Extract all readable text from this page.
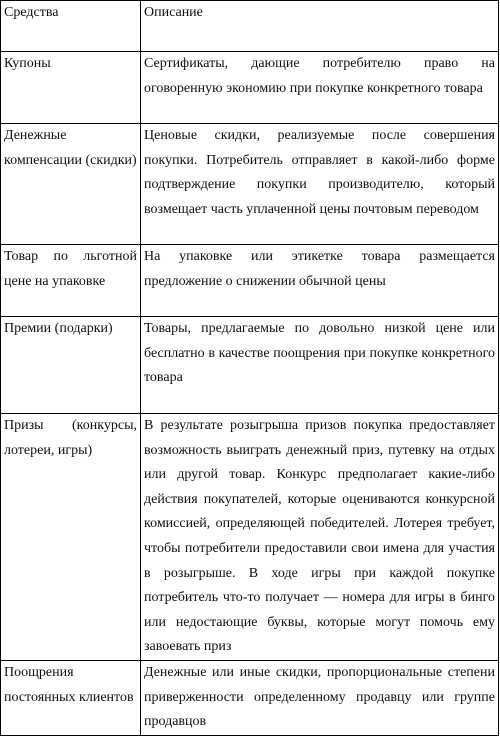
Средства	Описание
Купоны	Сертификаты, дающие потребителю право на оговоренную экономию при покупке конкретного товара
Денежные компенсации (скидки)	Ценовые скидки, реализуемые после совершения покупки. Потребитель отправляет в какой-либо форме подтверждение покупки производителю, который возмещает часть уплаченной цены почтовым переводом
Товар по льготной цене на упаковке	На упаковке или этикетке товара размещается предложение о снижении обычной цены
Премии (подарки)	Товары, предлагаемые по довольно низкой цене или бесплатно в качестве поощрения при покупке конкретного товара
Призы (конкурсы, лотереи, игры)	В результате розыгрыша призов покупка предоставляет возможность выиграть денежный приз, путевку на отдых или другой товар. Конкурс предполагает какие-либо действия покупателей, которые оцениваются конкурсной комиссией, определяющей победителей. Лотерея требует, чтобы потребители предоставили свои имена для участия в розыгрыше. В ходе игры при каждой покупке потребитель что-то получает — номера для игры в бинго или недостающие буквы, которые могут помочь ему завоевать приз
Поощрения постоянных клиентов	Денежные или иные скидки, пропорциональные степени приверженности определенному продавцу или группе продавцов
